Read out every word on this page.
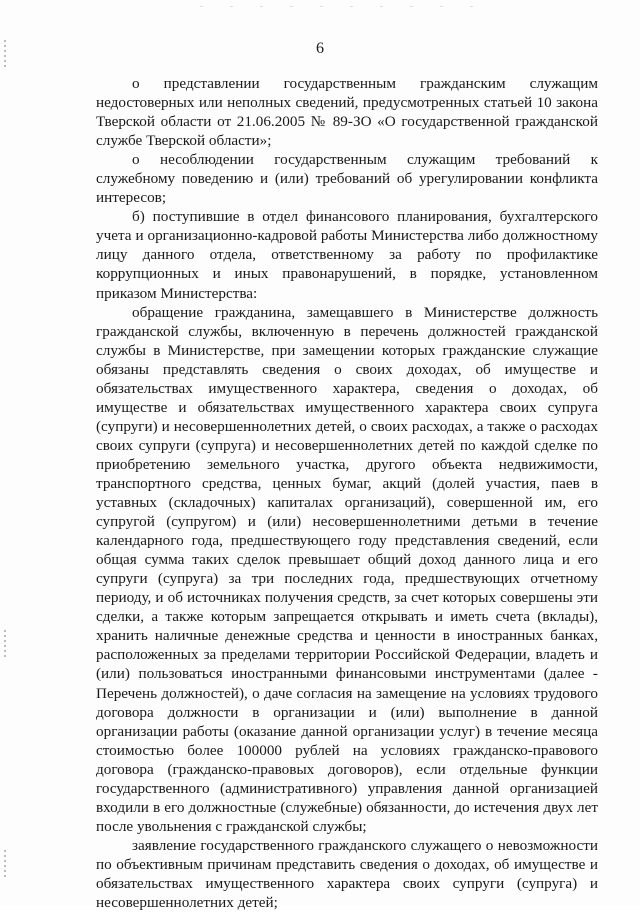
6

о представлении государственным гражданским служащим недостоверных или неполных сведений, предусмотренных статьей 10 закона Тверской области от 21.06.2005 № 89-ЗО «О государственной гражданской службе Тверской области»;

о несоблюдении государственным служащим требований к служебному поведению и (или) требований об урегулировании конфликта интересов;

б) поступившие в отдел финансового планирования, бухгалтерского учета и организационно-кадровой работы Министерства либо должностному лицу данного отдела, ответственному за работу по профилактике коррупционных и иных правонарушений, в порядке, установленном приказом Министерства:

обращение гражданина, замещавшего в Министерстве должность гражданской службы, включенную в перечень должностей гражданской службы в Министерстве, при замещении которых гражданские служащие обязаны представлять сведения о своих доходах, об имуществе и обязательствах имущественного характера, сведения о доходах, об имуществе и обязательствах имущественного характера своих супруга (супруги) и несовершеннолетних детей, о своих расходах, а также о расходах своих супруги (супруга) и несовершеннолетних детей по каждой сделке по приобретению земельного участка, другого объекта недвижимости, транспортного средства, ценных бумаг, акций (долей участия, паев в уставных (складочных) капиталах организаций), совершенной им, его супругой (супругом) и (или) несовершеннолетними детьми в течение календарного года, предшествующего году представления сведений, если общая сумма таких сделок превышает общий доход данного лица и его супруги (супруга) за три последних года, предшествующих отчетному периоду, и об источниках получения средств, за счет которых совершены эти сделки, а также которым запрещается открывать и иметь счета (вклады), хранить наличные денежные средства и ценности в иностранных банках, расположенных за пределами территории Российской Федерации, владеть и (или) пользоваться иностранными финансовыми инструментами (далее - Перечень должностей), о даче согласия на замещение на условиях трудового договора должности в организации и (или) выполнение в данной организации работы (оказание данной организации услуг) в течение месяца стоимостью более 100000 рублей на условиях гражданско-правового договора (гражданско-правовых договоров), если отдельные функции государственного (административного) управления данной организацией входили в его должностные (служебные) обязанности, до истечения двух лет после увольнения с гражданской службы;

заявление государственного гражданского служащего о невозможности по объективным причинам представить сведения о доходах, об имуществе и обязательствах имущественного характера своих супруги (супруга) и несовершеннолетних детей;
